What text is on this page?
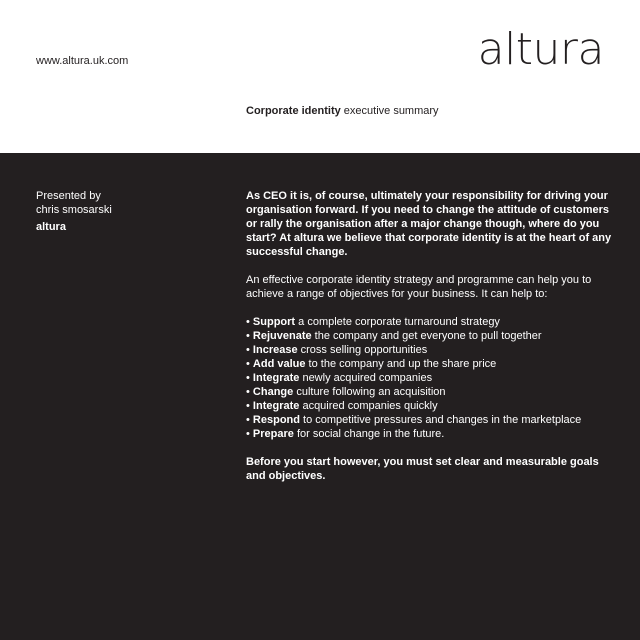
www.altura.uk.com	altura
Corporate identity executive summary
Presented by
chris smosarski
altura

As CEO it is, of course, ultimately your responsibility for driving your organisation forward. If you need to change the attitude of customers or rally the organisation after a major change though, where do you start? At altura we believe that corporate identity is at the heart of any successful change.

An effective corporate identity strategy and programme can help you to achieve a range of objectives for your business. It can help to:

• Support a complete corporate turnaround strategy
• Rejuvenate the company and get everyone to pull together
• Increase cross selling opportunities
• Add value to the company and up the share price
• Integrate newly acquired companies
• Change culture following an acquisition
• Integrate acquired companies quickly
• Respond to competitive pressures and changes in the marketplace
• Prepare for social change in the future.

Before you start however, you must set clear and measurable goals and objectives.
